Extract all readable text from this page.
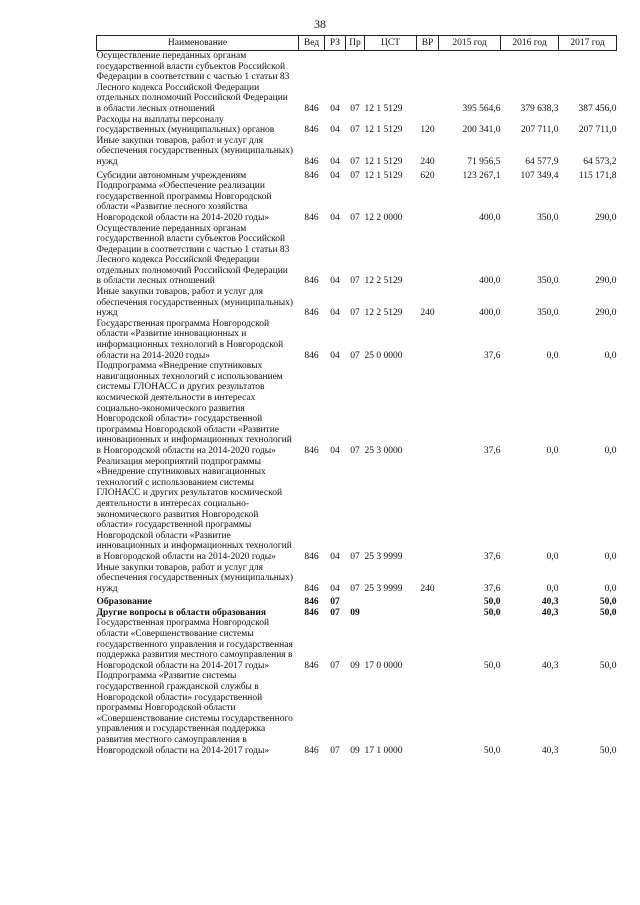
38
Наименование	Вед	РЗ	Пр	ЦСТ	ВР	2015 год	2016 год	2017 год
Осуществление переданных органам государственной власти субъектов Российской Федерации в соответствии с частью 1 статьи 83 Лесного кодекса Российской Федерации отдельных полномочий Российской Федерации в области лесных отношений	846	04	07	12 1 5129		395 564,6	379 638,3	387 456,0
Расходы на выплаты персоналу государственных (муниципальных) органов	846	04	07	12 1 5129	120	200 341,0	207 711,0	207 711,0
Иные закупки товаров, работ и услуг для обеспечения государственных (муниципальных) нужд	846	04	07	12 1 5129	240	71 956,5	64 577,9	64 573,2
Субсидии автономным учреждениям	846	04	07	12 1 5129	620	123 267,1	107 349,4	115 171,8
Подпрограмма «Обеспечение реализации государственной программы Новгородской области «Развитие лесного хозяйства Новгородской области на 2014-2020 годы»	846	04	07	12 2 0000		400,0	350,0	290,0
Осуществление переданных органам государственной власти субъектов Российской Федерации в соответствии с частью 1 статьи 83 Лесного кодекса Российской Федерации отдельных полномочий Российской Федерации в области лесных отношений	846	04	07	12 2 5129		400,0	350,0	290,0
Иные закупки товаров, работ и услуг для обеспечения государственных (муниципальных) нужд	846	04	07	12 2 5129	240	400,0	350,0	290,0
Государственная программа Новгородской области «Развитие инновационных и информационных технологий в Новгородской области на 2014-2020 годы»	846	04	07	25 0 0000		37,6	0,0	0,0
Подпрограмма «Внедрение спутниковых навигационных технологий с использованием системы ГЛОНАСС и других результатов космической деятельности в интересах социально-экономического развития Новгородской области» государственной программы Новгородской области «Развитие инновационных и информационных технологий в Новгородской области на 2014-2020 годы»	846	04	07	25 3 0000		37,6	0,0	0,0
Реализация мероприятий подпрограммы «Внедрение спутниковых навигационных технологий с использованием системы ГЛОНАСС и других результатов космической деятельности в интересах социально-экономического развития Новгородской области» государственной программы Новгородской области «Развитие инновационных и информационных технологий в Новгородской области на 2014-2020 годы»	846	04	07	25 3 9999		37,6	0,0	0,0
Иные закупки товаров, работ и услуг для обеспечения государственных (муниципальных) нужд	846	04	07	25 3 9999	240	37,6	0,0	0,0
Образование	846	07				50,0	40,3	50,0
Другие вопросы в области образования	846	07	09			50,0	40,3	50,0
Государственная программа Новгородской области «Совершенствование системы государственного управления и государственная поддержка развития местного самоуправления в Новгородской области на 2014-2017 годы»	846	07	09	17 0 0000		50,0	40,3	50,0
Подпрограмма «Развитие системы государственной гражданской службы в Новгородской области» государственной программы Новгородской области «Совершенствование системы государственного управления и государственная поддержка развития местного самоуправления в Новгородской области на 2014-2017 годы»	846	07	09	17 1 0000		50,0	40,3	50,0
